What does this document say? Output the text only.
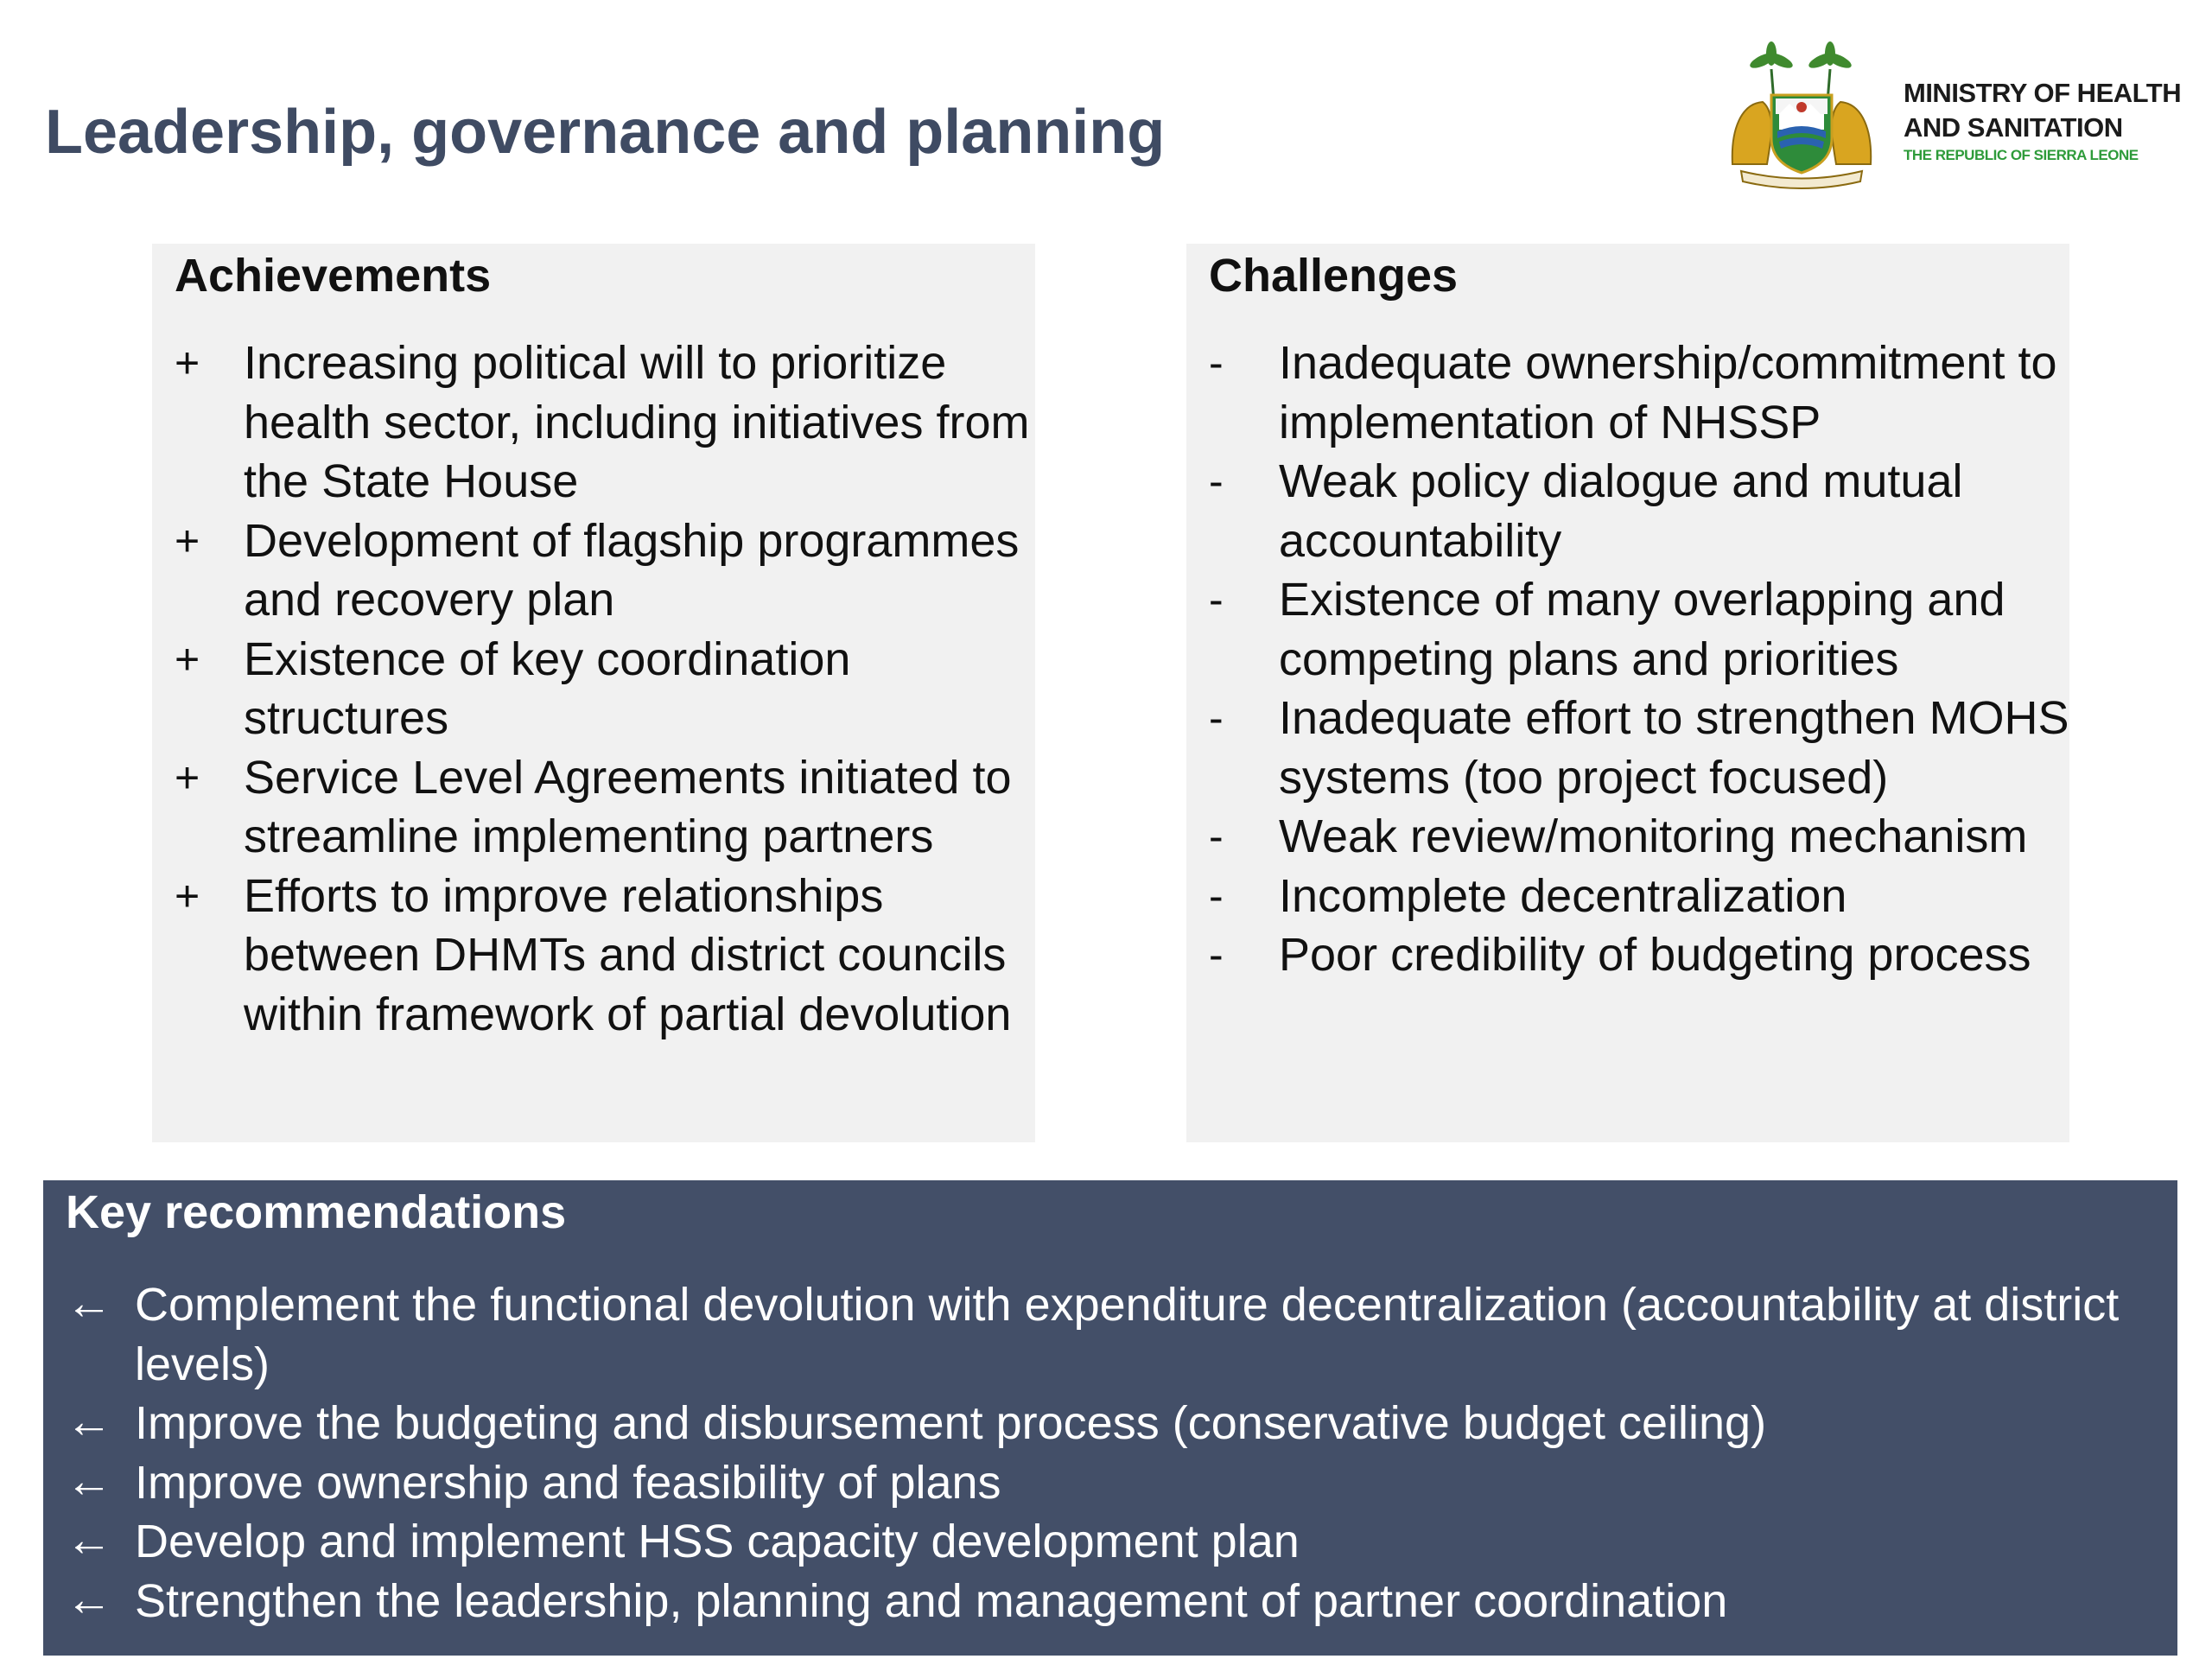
Leadership, governance and planning
MINISTRY OF HEALTH
AND SANITATION
THE REPUBLIC OF SIERRA LEONE
Achievements
+ Increasing political will to prioritize health sector, including initiatives from the State House
+ Development of flagship programmes and recovery plan
+ Existence of key coordination structures
+ Service Level Agreements initiated to streamline implementing partners
+ Efforts to improve relationships between DHMTs and district councils within framework of partial devolution
Challenges
-	Inadequate ownership/commitment to implementation of NHSSP
-	Weak policy dialogue and mutual accountability
-	Existence of many overlapping and competing plans and priorities
-	Inadequate effort to strengthen MOHS systems (too project focused)
-	Weak review/monitoring mechanism
-	Incomplete decentralization
-	Poor credibility of budgeting process
Key recommendations
← Complement the functional devolution with expenditure decentralization (accountability at district levels)
← Improve the budgeting and disbursement process (conservative budget ceiling)
← Improve ownership and feasibility of plans
← Develop and implement HSS capacity development plan
← Strengthen the leadership, planning and management of partner coordination
